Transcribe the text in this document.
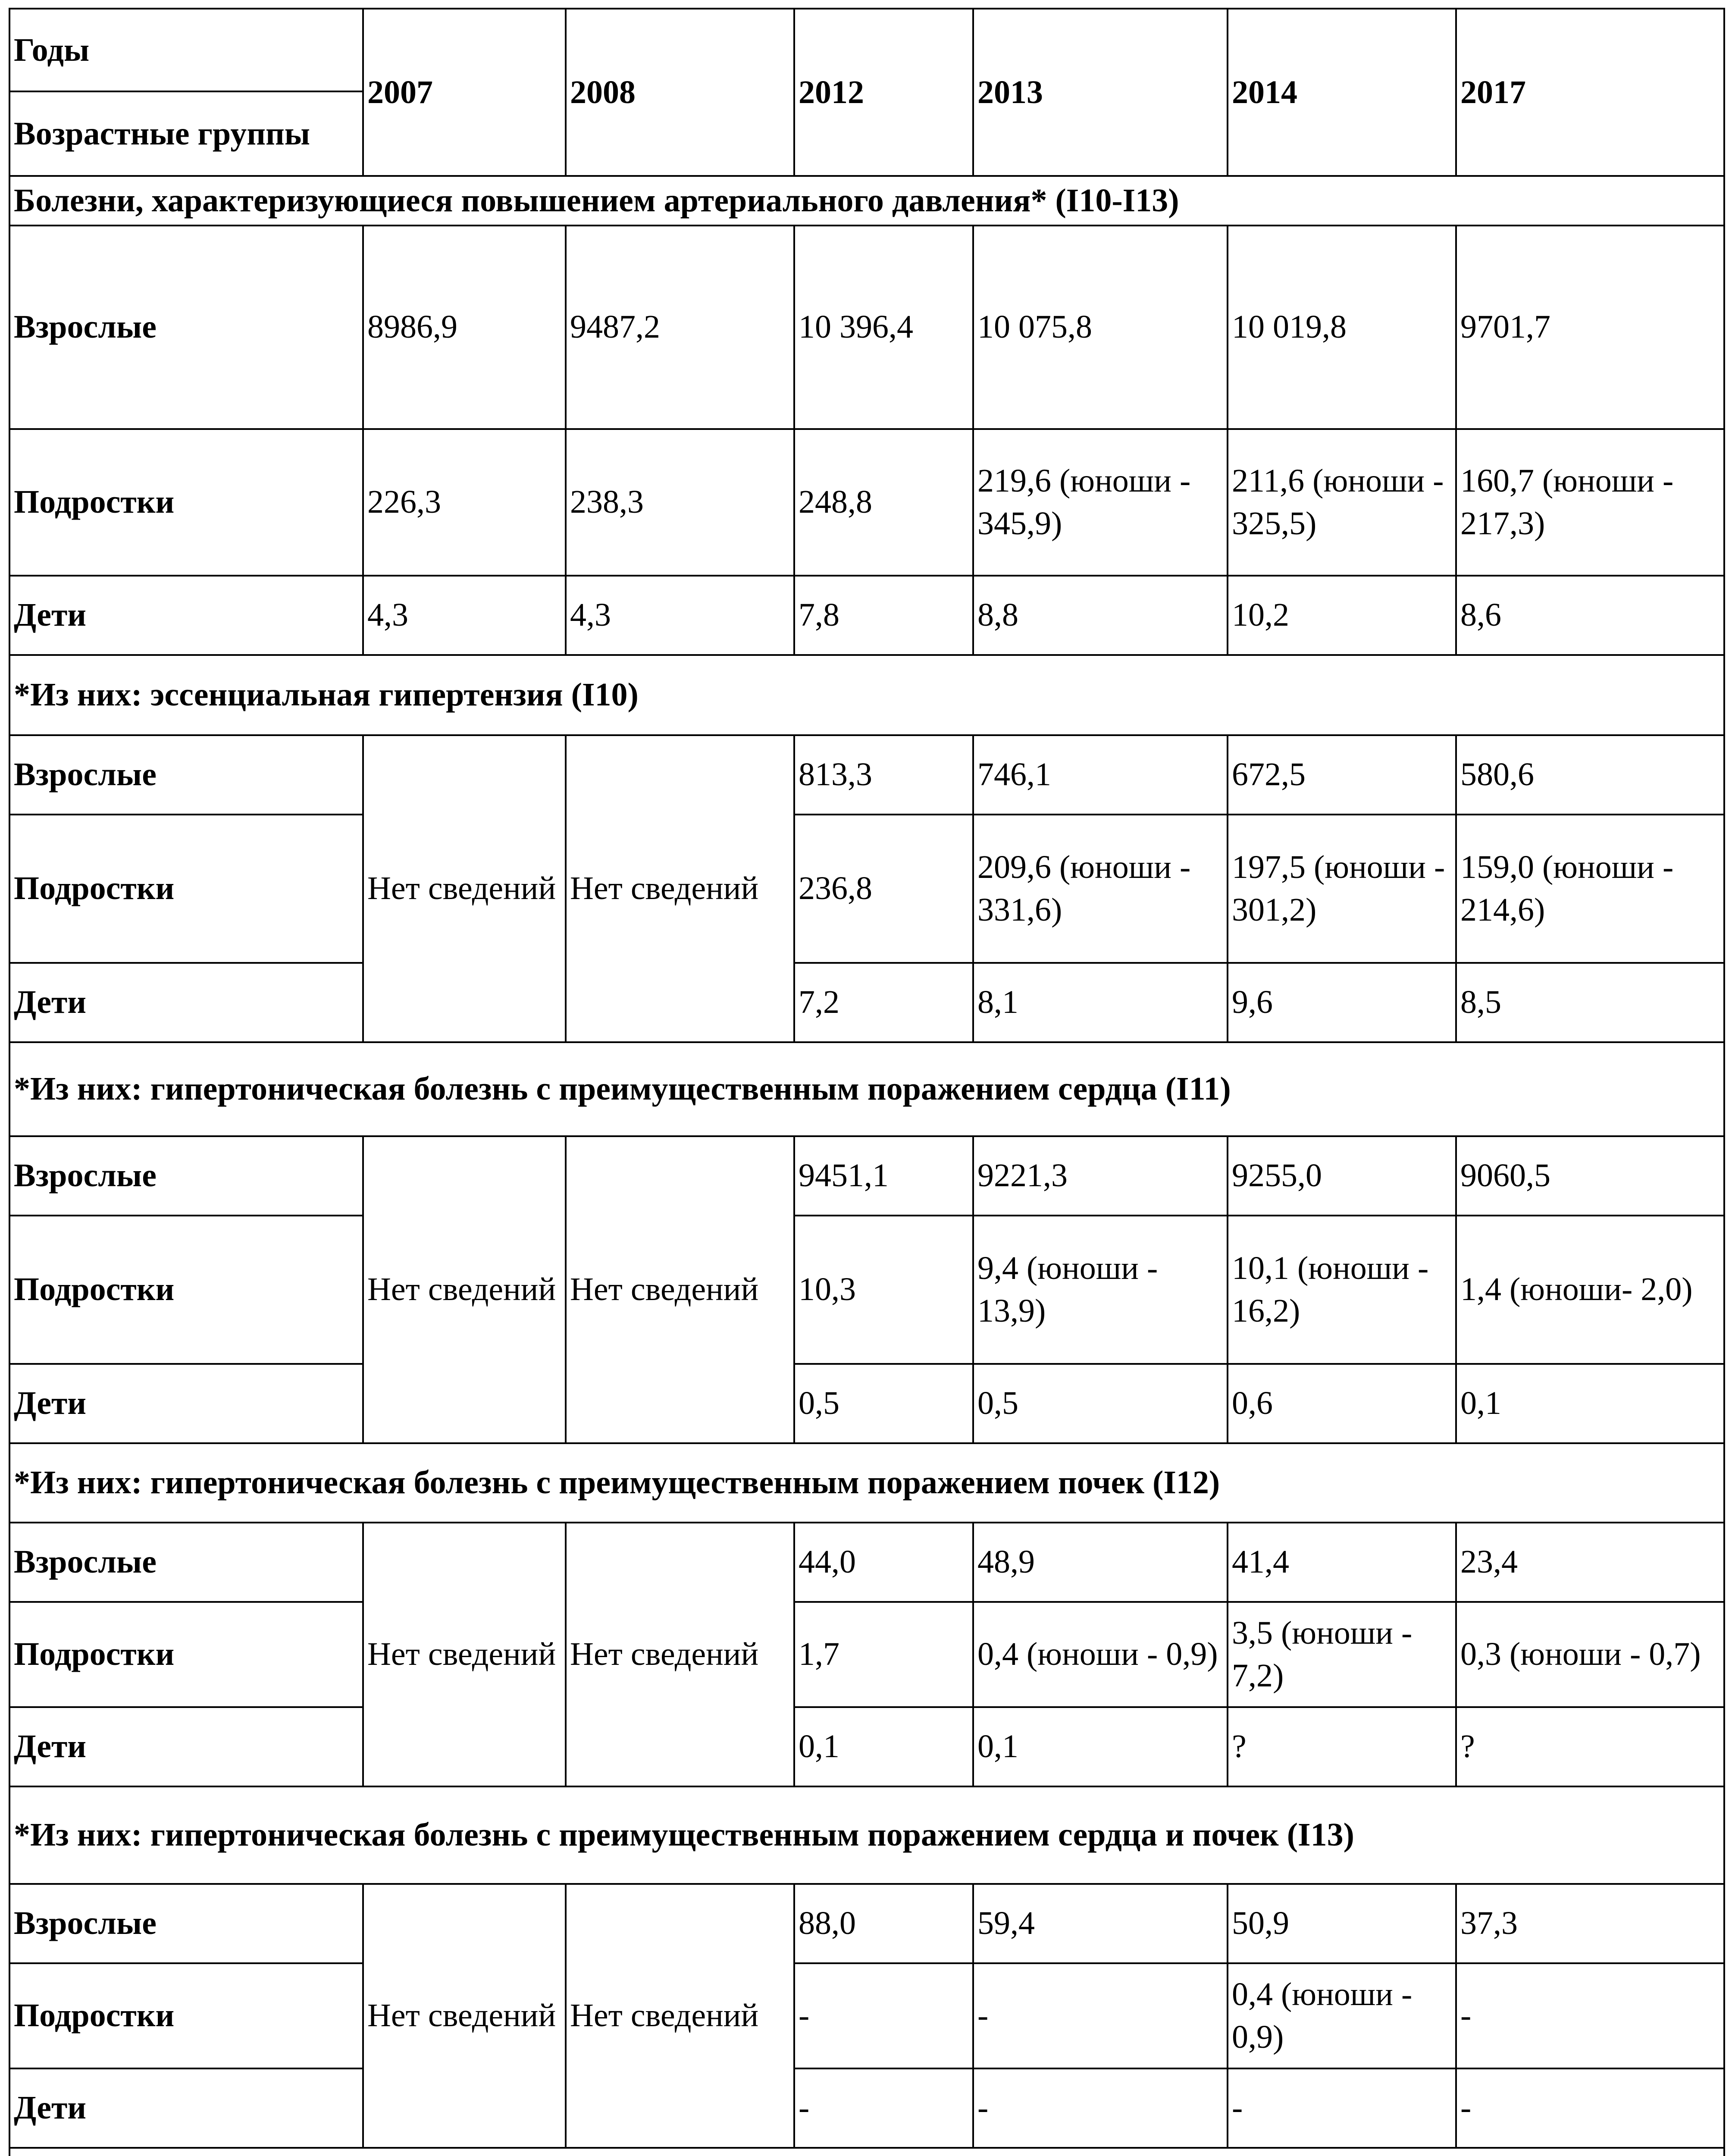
Годы	2007	2008	2012	2013	2014	2017
Возрастные группы						
Болезни, характеризующиеся повышением артериального давления* (I10-I13)						
Взрослые	8986,9	9487,2	10 396,4	10 075,8	10 019,8	9701,7
Подростки	226,3	238,3	248,8	219,6 (юноши - 345,9)	211,6 (юноши - 325,5)	160,7 (юноши - 217,3)
Дети	4,3	4,3	7,8	8,8	10,2	8,6
*Из них: эссенциальная гипертензия (I10)						
Взрослые	Нет сведений	Нет сведений	813,3	746,1	672,5	580,6
Подростки			236,8	209,6 (юноши - 331,6)	197,5 (юноши - 301,2)	159,0 (юноши - 214,6)
Дети			7,2	8,1	9,6	8,5
*Из них: гипертоническая болезнь с преимущественным поражением сердца (I11)						
Взрослые	Нет сведений	Нет сведений	9451,1	9221,3	9255,0	9060,5
Подростки			10,3	9,4 (юноши - 13,9)	10,1 (юноши - 16,2)	1,4 (юноши- 2,0)
Дети			0,5	0,5	0,6	0,1
*Из них: гипертоническая болезнь с преимущественным поражением почек (I12)						
Взрослые	Нет сведений	Нет сведений	44,0	48,9	41,4	23,4
Подростки			1,7	0,4 (юноши - 0,9)	3,5 (юноши - 7,2)	0,3 (юноши - 0,7)
Дети			0,1	0,1	?	?
*Из них: гипертоническая болезнь с преимущественным поражением сердца и почек (I13)						
Взрослые	Нет сведений	Нет сведений	88,0	59,4	50,9	37,3
Подростки			-	-	0,4 (юноши - 0,9)	-
Дети			-	-	-	-
